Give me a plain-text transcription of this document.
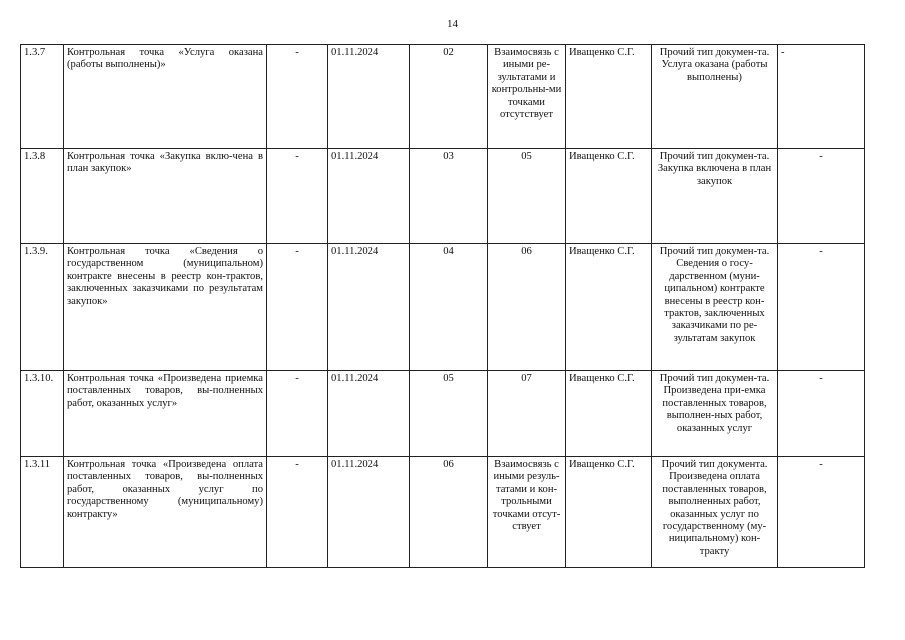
14
1.3.7	Контрольная точка «Услуга оказана (работы выполнены)»	-	01.11.2024	02	Взаимосвязь с иными ре-зультатами и контрольны-ми точками отсутствует	Иващенко С.Г.	Прочий тип докумен-та. Услуга оказана (работы выполнены)	-
1.3.8	Контрольная точка «Закупка вклю-чена в план закупок»	-	01.11.2024	03	05	Иващенко С.Г.	Прочий тип докумен-та. Закупка включена в план закупок	-
1.3.9.	Контрольная точка «Сведения о государственном (муниципальном) контракте внесены в реестр кон-трактов, заключенных заказчиками по результатам закупок»	-	01.11.2024	04	06	Иващенко С.Г.	Прочий тип докумен-та. Сведения о госу-дарственном (муни-ципальном) контракте внесены в реестр кон-трактов, заключенных заказчиками по ре-зультатам закупок	-
1.3.10.	Контрольная точка «Произведена приемка поставленных товаров, вы-полненных работ, оказанных услуг»	-	01.11.2024	05	07	Иващенко С.Г.	Прочий тип докумен-та. Произведена при-емка поставленных товаров, выполнен-ных работ, оказанных услуг	-
1.3.11	Контрольная точка «Произведена оплата поставленных товаров, вы-полненных работ, оказанных услуг по государственному (муниципальному) контракту»	-	01.11.2024	06	Взаимосвязь с иными резуль-татами и кон-трольными точками отсут-ствует	Иващенко С.Г.	Прочий тип документа. Произведена оплата поставленных товаров, выполненных работ, оказанных услуг по государственному (му-ниципальному) кон-тракту	-
